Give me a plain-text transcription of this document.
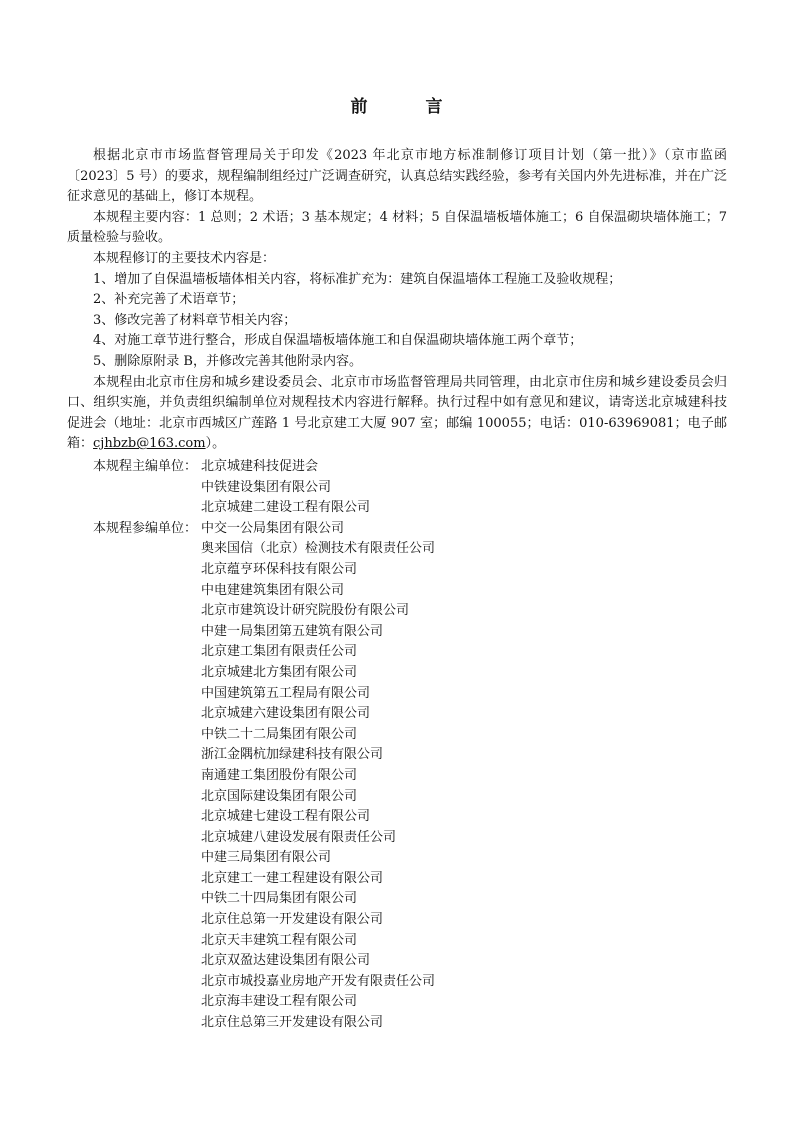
前 言

根据北京市市场监督管理局关于印发《2023 年北京市地方标准制修订项目计划（第一批）》（京市监函〔2023〕5 号）的要求，规程编制组经过广泛调查研究，认真总结实践经验，参考有关国内外先进标准，并在广泛征求意见的基础上，修订本规程。

本规程主要内容：1 总则；2 术语；3 基本规定；4 材料；5 自保温墙板墙体施工；6 自保温砌块墙体施工；7 质量检验与验收。

本规程修订的主要技术内容是：

1、增加了自保温墙板墙体相关内容，将标准扩充为：建筑自保温墙体工程施工及验收规程；

2、补充完善了术语章节；

3、修改完善了材料章节相关内容；

4、对施工章节进行整合，形成自保温墙板墙体施工和自保温砌块墙体施工两个章节；

5、删除原附录 B，并修改完善其他附录内容。

本规程由北京市住房和城乡建设委员会、北京市市场监督管理局共同管理，由北京市住房和城乡建设委员会归口、组织实施，并负责组织编制单位对规程技术内容进行解释。执行过程中如有意见和建议，请寄送北京城建科技促进会（地址：北京市西城区广莲路 1 号北京建工大厦 907 室；邮编 100055；电话：010-63969081；电子邮箱：cjhbzb@163.com）。

本规程主编单位： 北京城建科技促进会
中铁建设集团有限公司
北京城建二建设工程有限公司
本规程参编单位： 中交一公局集团有限公司
奥来国信（北京）检测技术有限责任公司
北京蕴亨环保科技有限公司
中电建建筑集团有限公司
北京市建筑设计研究院股份有限公司
中建一局集团第五建筑有限公司
北京建工集团有限责任公司
北京城建北方集团有限公司
中国建筑第五工程局有限公司
北京城建六建设集团有限公司
中铁二十二局集团有限公司
浙江金隅杭加绿建科技有限公司
南通建工集团股份有限公司
北京国际建设集团有限公司
北京城建七建设工程有限公司
北京城建八建设发展有限责任公司
中建三局集团有限公司
北京建工一建工程建设有限公司
中铁二十四局集团有限公司
北京住总第一开发建设有限公司
北京天丰建筑工程有限公司
北京双盈达建设集团有限公司
北京市城投嘉业房地产开发有限责任公司
北京海丰建设工程有限公司
北京住总第三开发建设有限公司
